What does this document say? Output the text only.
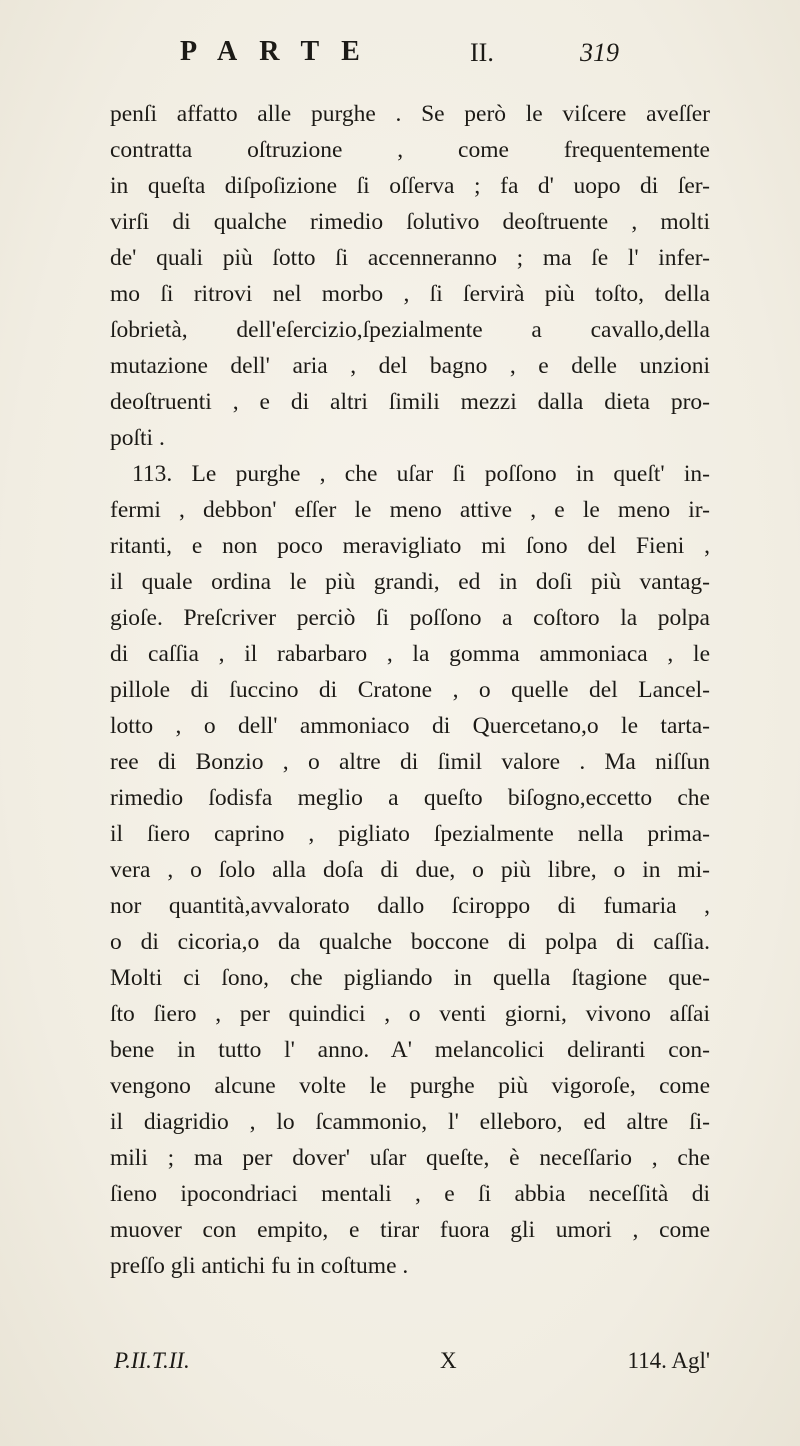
PARTE	II.	319
penſi affatto alle purghe . Se però le viſcere aveſſer
contratta oſtruzione , come frequentemente
in queſta diſpoſizione ſi oſſerva ; fa d' uopo di ſer-
virſi di qualche rimedio ſolutivo deoſtruente , molti
de' quali più ſotto ſi accenneranno ; ma ſe l' infer-
mo ſi ritrovi nel morbo , ſi ſervirà più toſto, della
ſobrietà, dell'eſercizio,ſpezialmente a cavallo,della
mutazione dell' aria , del bagno , e delle unzioni
deoſtruenti , e di altri ſimili mezzi dalla dieta pro-
poſti .
113. Le purghe , che uſar ſi poſſono in queſt' in-
fermi , debbon' eſſer le meno attive , e le meno ir-
ritanti, e non poco meravigliato mi ſono del Fieni ,
il quale ordina le più grandi, ed in doſi più vantag-
gioſe. Preſcriver perciò ſi poſſono a coſtoro la polpa
di caſſia , il rabarbaro , la gomma ammoniaca , le
pillole di ſuccino di Cratone , o quelle del Lancel-
lotto , o dell' ammoniaco di Quercetano,o le tarta-
ree di Bonzio , o altre di ſimil valore . Ma niſſun
rimedio ſodisfa meglio a queſto biſogno,eccetto che
il ſiero caprino , pigliato ſpezialmente nella prima-
vera , o ſolo alla doſa di due, o più libre, o in mi-
nor quantità,avvalorato dallo ſciroppo di fumaria ,
o di cicoria,o da qualche boccone di polpa di caſſia.
Molti ci ſono, che pigliando in quella ſtagione que-
ſto ſiero , per quindici , o venti giorni, vivono aſſai
bene in tutto l' anno. A' melancolici deliranti con-
vengono alcune volte le purghe più vigoroſe, come
il diagridio , lo ſcammonio, l' elleboro, ed altre ſi-
mili ; ma per dover' uſar queſte, è neceſſario , che
ſieno ipocondriaci mentali , e ſi abbia neceſſità di
muover con empito, e tirar fuora gli umori , come
preſſo gli antichi fu in coſtume .
P.II.T.II.	X	114. Agl'
